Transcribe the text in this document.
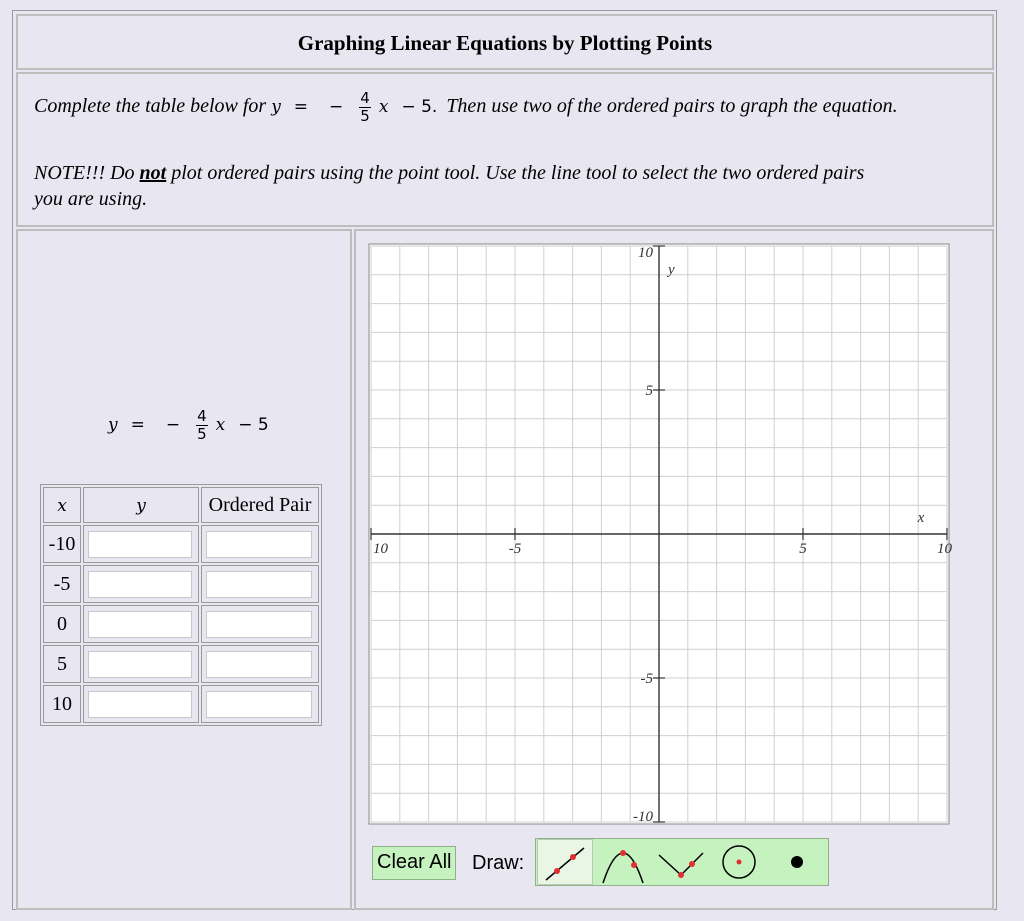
Graphing Linear Equations by Plotting Points
Complete the table below for y = − $\frac{4}{5}$ x − 5. Then use two of the ordered pairs to graph the equation.
NOTE!!! Do not plot ordered pairs using the point tool. Use the line tool to select the two ordered pairs
you are using.
y = − $\frac{4}{5}$ x − 5
x	y	Ordered Pair
-10	

-5	

0	

5	

10	

10	-5	5	10
10
5
-5
-10
y
x
Clear All Draw:
